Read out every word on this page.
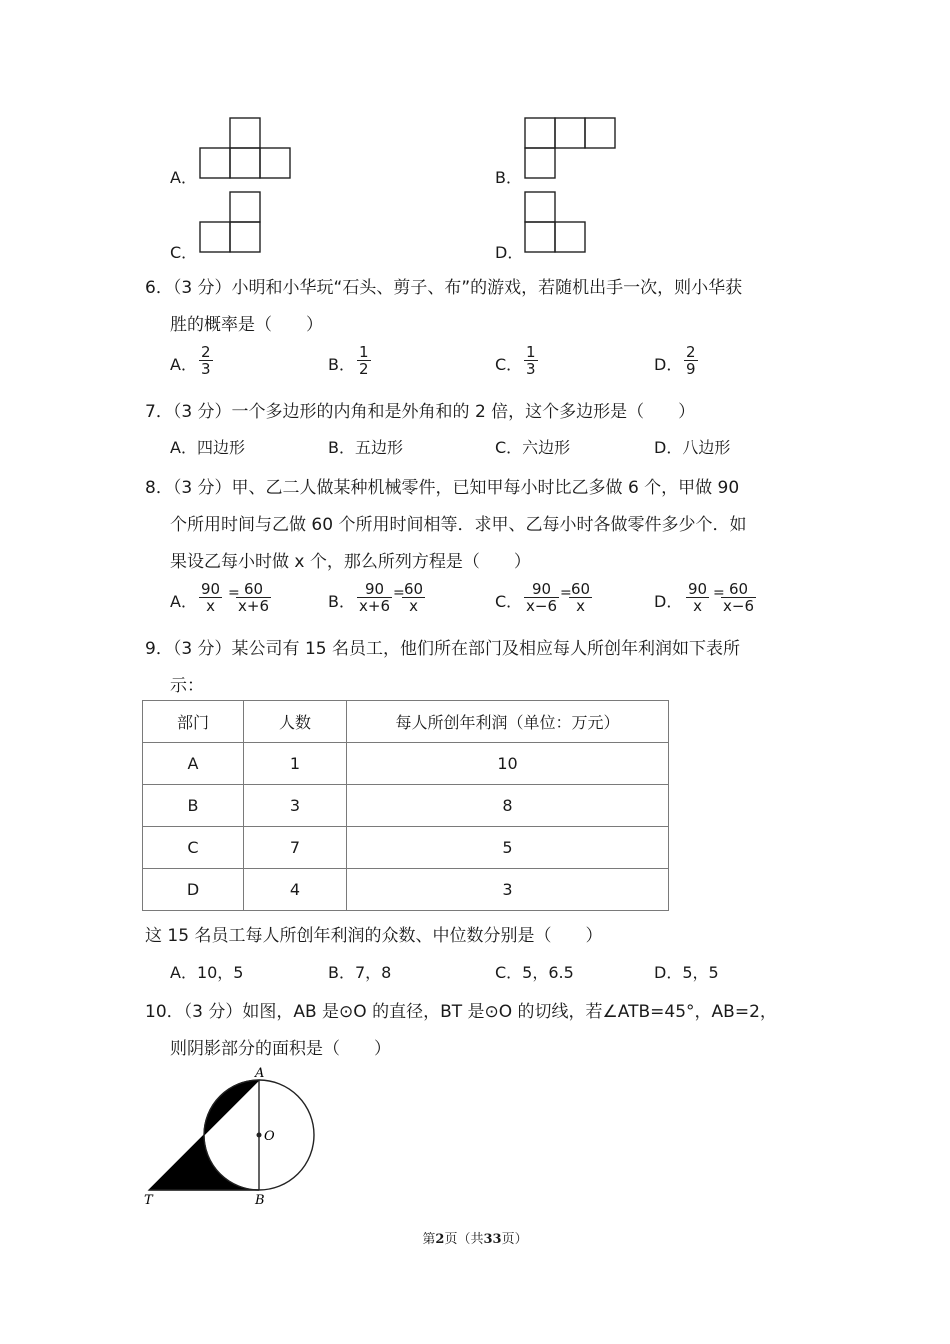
A．	B．
C．	D．
6．（3 分）小明和小华玩“石头、剪子、布”的游戏，若随机出手一次，则小华获
胜的概率是（　　）
A．
2
3	B．
1
2	C．
1
3	D．
2
9
7．（3 分）一个多边形的内角和是外角和的 2 倍，这个多边形是（　　）
A．四边形	B．五边形	C．六边形	D．八边形
8．（3 分）甲、乙二人做某种机械零件，已知甲每小时比乙多做 6 个，甲做 90
个所用时间与乙做 60 个所用时间相等．求甲、乙每小时各做零件多少个．如
果设乙每小时做 x 个，那么所列方程是（　　）
A．
90
x
= 60
x+6	B．
90
x+6
= 60
x	C．
90
x−6
= 60
x	D．
90
x
= 60
x−6
9．（3 分）某公司有 15 名员工，他们所在部门及相应每人所创年利润如下表所
示：
部门	人数	每人所创年利润（单位：万元）
A	1	10
B	3	8
C	7	5
D	4	3
这 15 名员工每人所创年利润的众数、中位数分别是（　　）
A．10，5	B．7，8	C．5，6.5	D．5，5
10．（3 分）如图，AB 是⊙O 的直径，BT 是⊙O 的切线，若∠ATB=45°，AB=2，
则阴影部分的面积是（　　）
A
O
T	B
第2页（共33页）
